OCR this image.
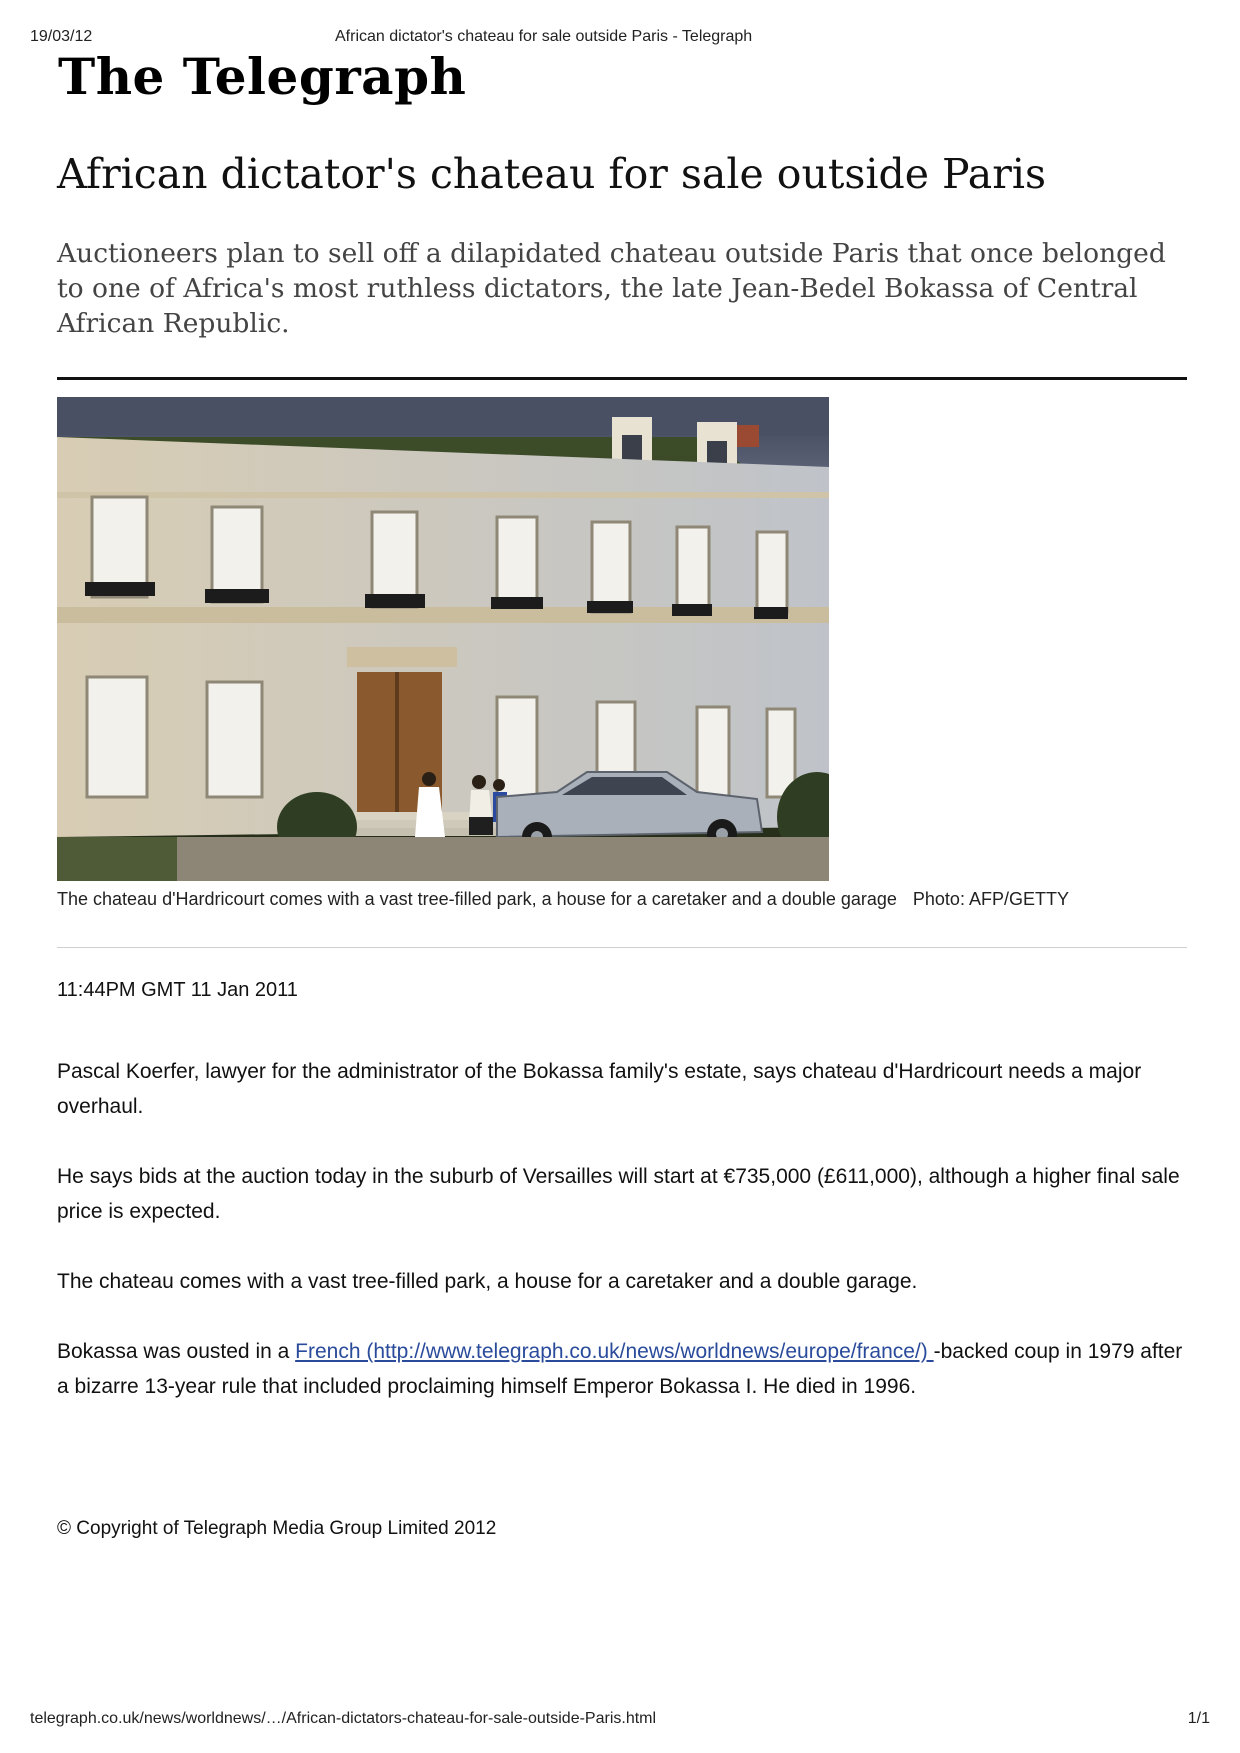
19/03/12	African dictator's chateau for sale outside Paris - Telegraph
The Telegraph
African dictator's chateau for sale outside Paris

Auctioneers plan to sell off a dilapidated chateau outside Paris that once belonged to one of Africa's most ruthless dictators, the late Jean-Bedel Bokassa of Central African Republic.

The chateau d'Hardricourt comes with a vast tree-filled park, a house for a caretaker and a double garage Photo: AFP/GETTY
11:44PM GMT 11 Jan 2011

Pascal Koerfer, lawyer for the administrator of the Bokassa family's estate, says chateau d'Hardricourt needs a major overhaul.

He says bids at the auction today in the suburb of Versailles will start at €735,000 (£611,000), although a higher final sale price is expected.

The chateau comes with a vast tree-filled park, a house for a caretaker and a double garage.

Bokassa was ousted in a French (http://www.telegraph.co.uk/news/worldnews/europe/france/) -backed coup in 1979 after a bizarre 13-year rule that included proclaiming himself Emperor Bokassa I. He died in 1996.

© Copyright of Telegraph Media Group Limited 2012
telegraph.co.uk/news/worldnews/…/African-dictators-chateau-for-sale-outside-Paris.html	1/1
